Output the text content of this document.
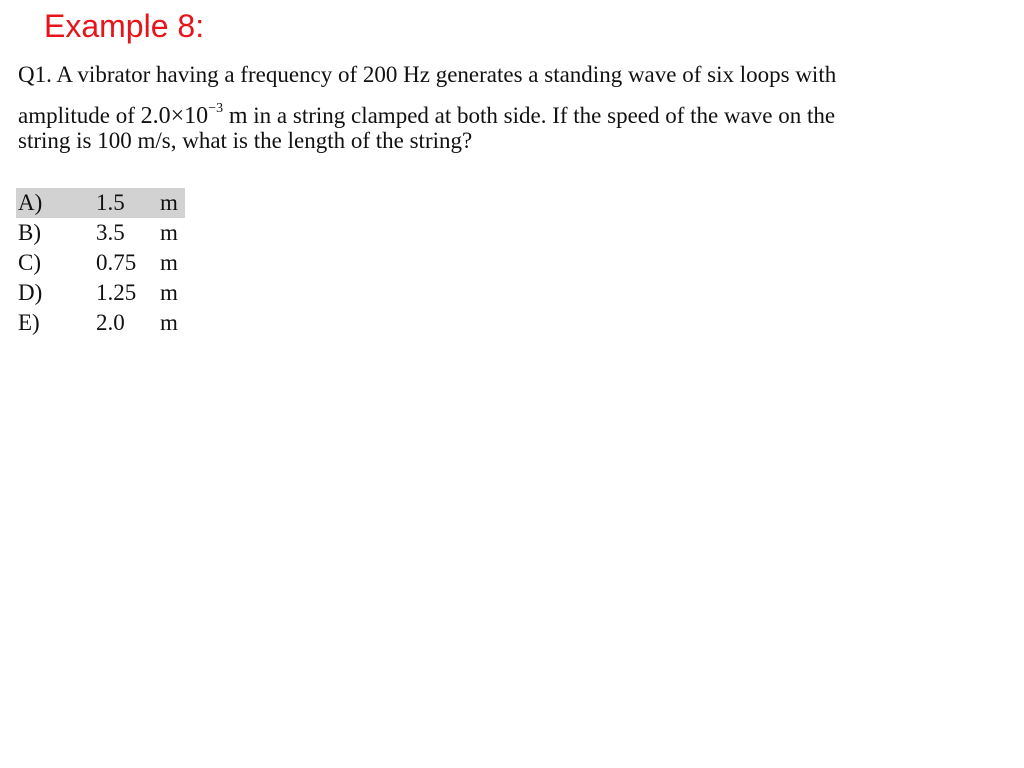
Example 8:
Q1. A vibrator having a frequency of 200 Hz generates a standing wave of six loops with
amplitude of $2.0\times 10^{-3}$ m in a string clamped at both side. If the speed of the wave on the
string is 100 m/s, what is the length of the string?
A)	1.5	m
B)	3.5	m
C)	0.75	m
D)	1.25	m
E)	2.0	m
